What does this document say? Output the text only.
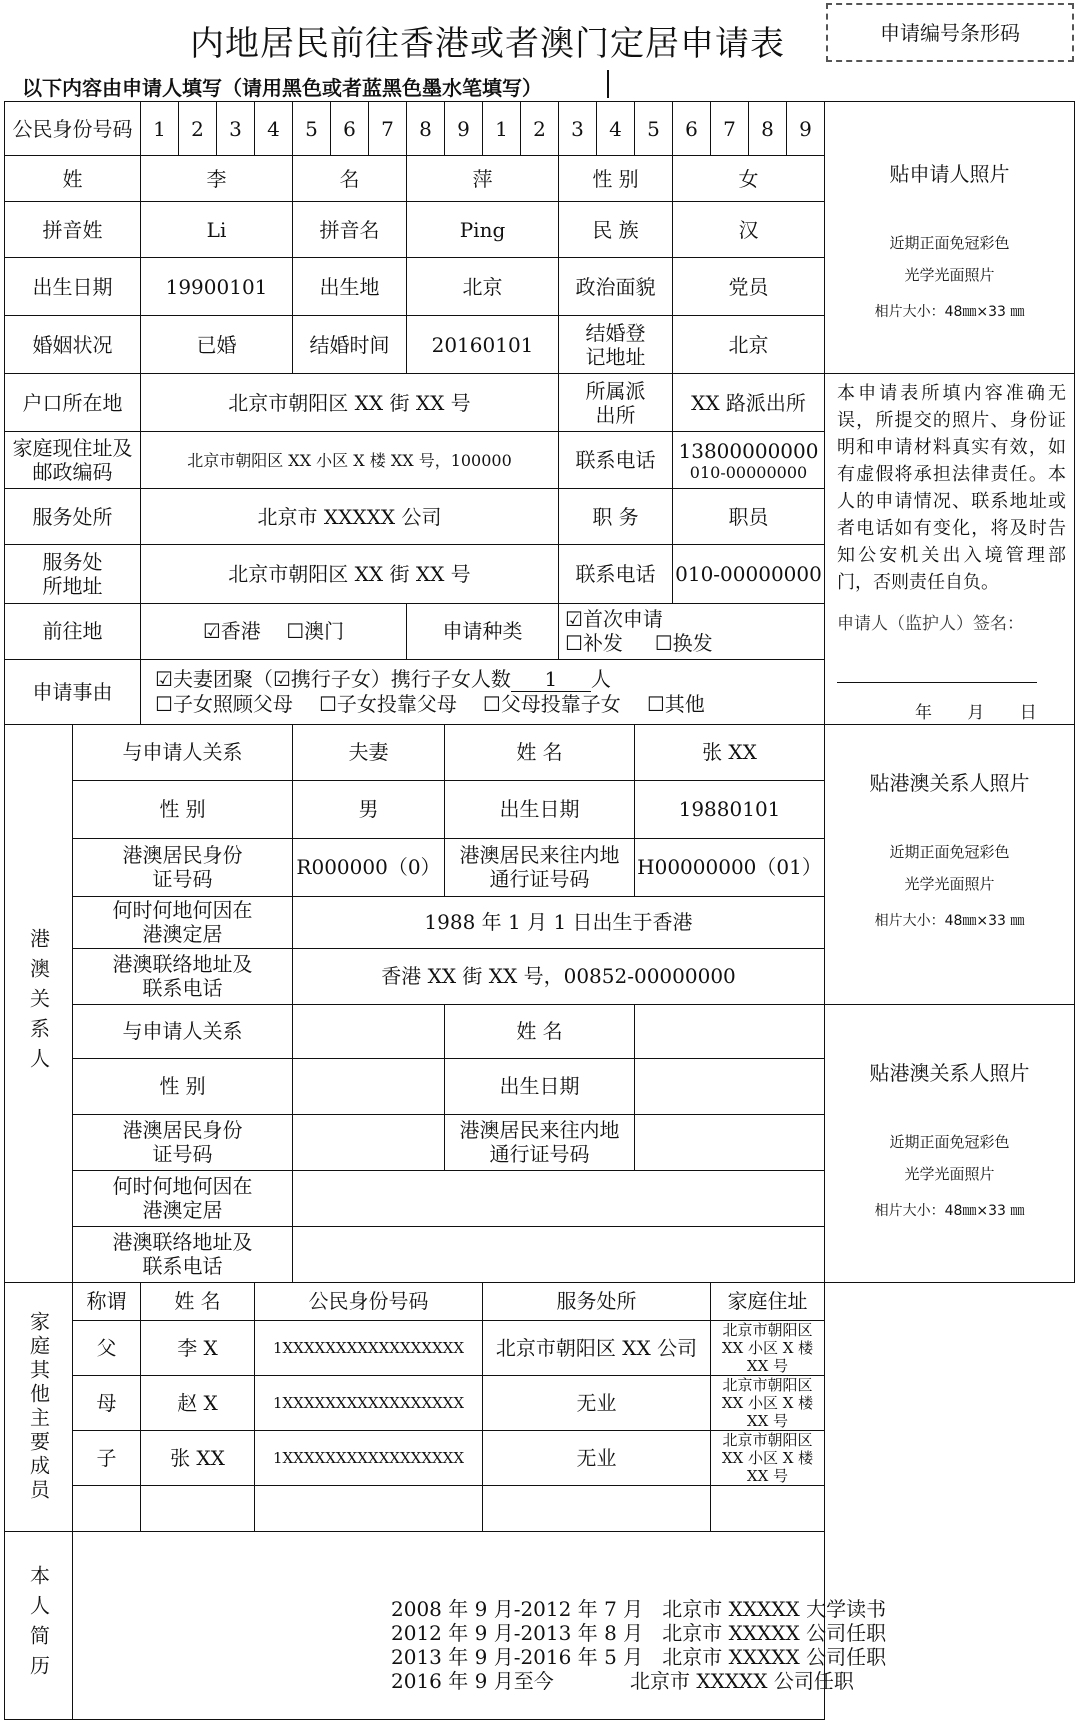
内地居民前往香港或者澳门定居申请表	申请编号条形码
以下内容由申请人填写（请用黑色或者蓝黑色墨水笔填写）
公民身份号码		1	2	3	4	5	6	7	8	9	1	2	3	4	5	6	7	8	9	贴申请人照片
近期正面免冠彩色
光学光面照片
相片大小：48㎜×33 ㎜

姓		李				名			萍				性 别			女				
拼音姓		Li				拼音名			Ping				民 族			汉				
出生日期		19900101				出生地			北京				政治面貌			党员				
婚姻状况		已婚				结婚时间			20160101				结婚登记地址			北京				
户口所在地		北京市朝阳区 XX 街 XX 号											所属派出所			XX 路派出所				本申请表所填内容准确无误，所提交的照片、身份证明和申请材料真实有效，如有虚假将承担法律责任。本人的申请情况、联系地址或者电话如有变化，将及时告知公安机关出入境管理部门，否则责任自负。
申请人（监护人）签名：
年 月 日

家庭现住址及邮政编码		北京市朝阳区 XX 小区 X 楼 XX 号，100000											联系电话			13800000000
010-00000000				

服务处所		北京市 XXXXX 公司											职 务			职员				
服务处所地址		北京市朝阳区 XX 街 XX 号											联系电话			010-00000000				
前往地		☑香港 ☐澳门							申请种类				☑首次申请
☐补发 ☐换发							

申请事由		☑夫妻团聚（☑携行子女）携行子女人数 1 人
☐子女照顾父母 ☐子女投靠父母 ☐父母投靠子女 ☐其他																		

港澳关系人	与申请人关系					夫妻				姓 名					张 XX					贴港澳关系人照片
近期正面免冠彩色
光学光面照片
相片大小：48㎜×33 ㎜

	性 别					男				出生日期					19880101					
	港澳居民身份证号码					R000000（0）				港澳居民来往内地通行证号码					H00000000（01）					
	何时何地何因在港澳定居					1988 年 1 月 1 日出生于香港														
	港澳联络地址及联系电话					香港 XX 街 XX 号，00852-00000000														
	与申请人关系									姓 名										贴港澳关系人照片
近期正面免冠彩色
光学光面照片
相片大小：48㎜×33 ㎜

	性 别									出生日期										
	港澳居民身份证号码									港澳居民来往内地通行证号码										
	何时何地何因在港澳定居																			
	港澳联络地址及联系电话																			

家庭其他主要成员	称谓	姓 名			公民身份号码						服务处所						家庭住址			
	父	李 X			1XXXXXXXXXXXXXXXXX						北京市朝阳区 XX 公司						北京市朝阳区 XX 小区 X 楼 XX 号			
	母	赵 X			1XXXXXXXXXXXXXXXXX						无业						北京市朝阳区 XX 小区 X 楼 XX 号			
	子	张 XX			1XXXXXXXXXXXXXXXXX						无业						北京市朝阳区 XX 小区 X 楼 XX 号			

本人简历	2008 年 9 月-2012 年 7 月   北京市 XXXXX 大学读书
2012 年 9 月-2013 年 8 月   北京市 XXXXX 公司任职
2013 年 9 月-2016 年 5 月   北京市 XXXXX 公司任职
2016 年 9 月至今            北京市 XXXXX 公司任职																			
